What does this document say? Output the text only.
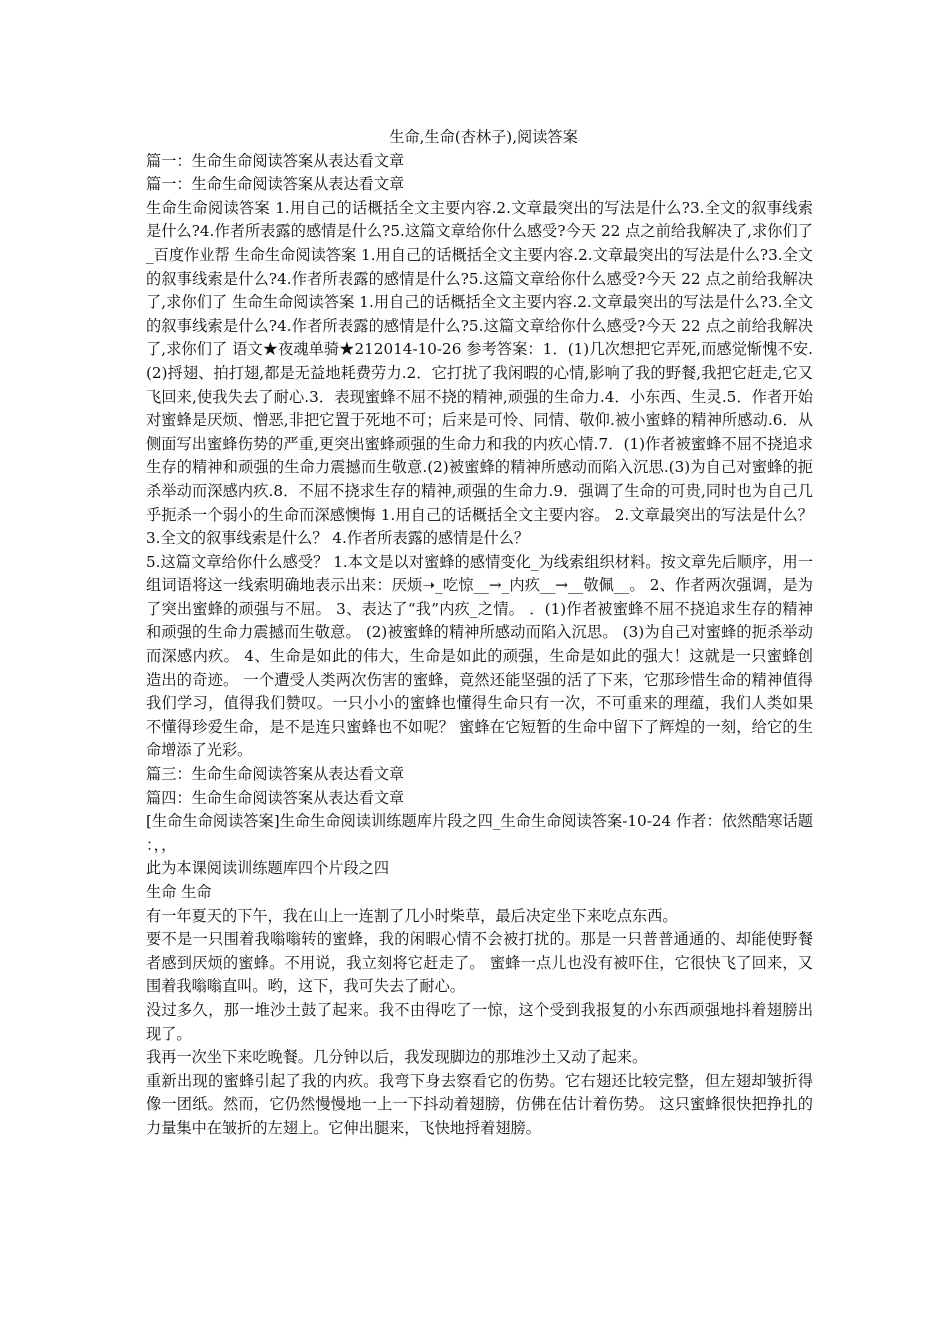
生命,生命(杏林子),阅读答案
篇一：生命生命阅读答案从表达看文章
篇一：生命生命阅读答案从表达看文章
生命生命阅读答案 1.用自己的话概括全文主要内容.2.文章最突出的写法是什么?3.全文的叙事线索是什么?4.作者所表露的感情是什么?5.这篇文章给你什么感受?今天 22 点之前给我解决了,求你们了_百度作业帮 生命生命阅读答案 1.用自己的话概括全文主要内容.2.文章最突出的写法是什么?3.全文的叙事线索是什么?4.作者所表露的感情是什么?5.这篇文章给你什么感受?今天 22 点之前给我解决了,求你们了 生命生命阅读答案 1.用自己的话概括全文主要内容.2.文章最突出的写法是什么?3.全文的叙事线索是什么?4.作者所表露的感情是什么?5.这篇文章给你什么感受?今天 22 点之前给我解决了,求你们了 语文★夜魂单骑★212014-10-26 参考答案：1．(1)几次想把它弄死,而感觉惭愧不安.(2)捋翅、拍打翅,都是无益地耗费劳力.2．它打扰了我闲暇的心情,影响了我的野餐,我把它赶走,它又飞回来,使我失去了耐心.3．表现蜜蜂不屈不挠的精神,顽强的生命力.4．小东西、生灵.5．作者开始对蜜蜂是厌烦、憎恶,非把它置于死地不可；后来是可怜、同情、敬仰.被小蜜蜂的精神所感动.6．从侧面写出蜜蜂伤势的严重,更突出蜜蜂顽强的生命力和我的内疚心情.7．(1)作者被蜜蜂不屈不挠追求生存的精神和顽强的生命力震撼而生敬意.(2)被蜜蜂的精神所感动而陷入沉思.(3)为自己对蜜蜂的扼杀举动而深感内疚.8．不屈不挠求生存的精神,顽强的生命力.9．强调了生命的可贵,同时也为自己几乎扼杀一个弱小的生命而深感懊悔 1.用自己的话概括全文主要内容。 2.文章最突出的写法是什么？ 3.全文的叙事线索是什么？ 4.作者所表露的感情是什么？
5.这篇文章给你什么感受？ 1.本文是以对蜜蜂的感情变化_为线索组织材料。按文章先后顺序，用一组词语将这一线索明确地表示出来：厌烦➝_吃惊__→_内疚__→__敬佩__。 2、作者两次强调，是为了突出蜜蜂的顽强与不屈。 3、表达了“我”内疚_之情。 ．(1)作者被蜜蜂不屈不挠追求生存的精神和顽强的生命力震撼而生敬意。 (2)被蜜蜂的精神所感动而陷入沉思。 (3)为自己对蜜蜂的扼杀举动而深感内疚。 4、生命是如此的伟大，生命是如此的顽强，生命是如此的强大！这就是一只蜜蜂创造出的奇迹。 一个遭受人类两次伤害的蜜蜂，竟然还能坚强的活了下来，它那珍惜生命的精神值得我们学习，值得我们赞叹。一只小小的蜜蜂也懂得生命只有一次，不可重来的理蕴，我们人类如果不懂得珍爱生命，是不是连只蜜蜂也不如呢？ 蜜蜂在它短暂的生命中留下了辉煌的一刻，给它的生命增添了光彩。
篇三：生命生命阅读答案从表达看文章
篇四：生命生命阅读答案从表达看文章
[生命生命阅读答案]生命生命阅读训练题库片段之四_生命生命阅读答案-10-24 作者：依然酷寒话题：，，
此为本课阅读训练题库四个片段之四
生命 生命
有一年夏天的下午，我在山上一连割了几小时柴草，最后决定坐下来吃点东西。
要不是一只围着我嗡嗡转的蜜蜂，我的闲暇心情不会被打扰的。那是一只普普通通的、却能使野餐者感到厌烦的蜜蜂。不用说，我立刻将它赶走了。 蜜蜂一点儿也没有被吓住，它很快飞了回来，又围着我嗡嗡直叫。哟，这下，我可失去了耐心。
没过多久，那一堆沙土鼓了起来。我不由得吃了一惊，这个受到我报复的小东西顽强地抖着翅膀出现了。
我再一次坐下来吃晚餐。几分钟以后，我发现脚边的那堆沙土又动了起来。
重新出现的蜜蜂引起了我的内疚。我弯下身去察看它的伤势。它右翅还比较完整，但左翅却皱折得像一团纸。然而，它仍然慢慢地一上一下抖动着翅膀，仿佛在估计着伤势。 这只蜜蜂很快把挣扎的力量集中在皱折的左翅上。它伸出腿来，飞快地捋着翅膀。
